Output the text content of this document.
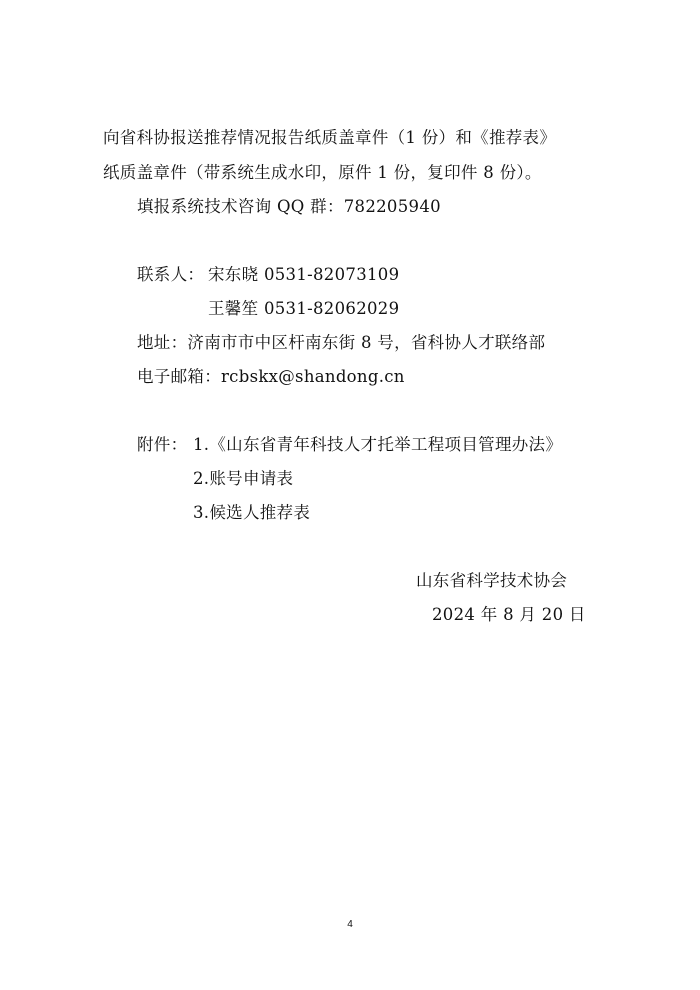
向省科协报送推荐情况报告纸质盖章件（1 份）和《推荐表》
纸质盖章件（带系统生成水印，原件 1 份，复印件 8 份）。
填报系统技术咨询 QQ 群：782205940
联系人： 宋东晓 0531-82073109
王馨笙 0531-82062029
地址：济南市市中区杆南东街 8 号，省科协人才联络部
电子邮箱：rcbskx@shandong.cn
附件： 1.《山东省青年科技人才托举工程项目管理办法》
2.账号申请表
3.候选人推荐表
山东省科学技术协会
2024 年 8 月 20 日
4
